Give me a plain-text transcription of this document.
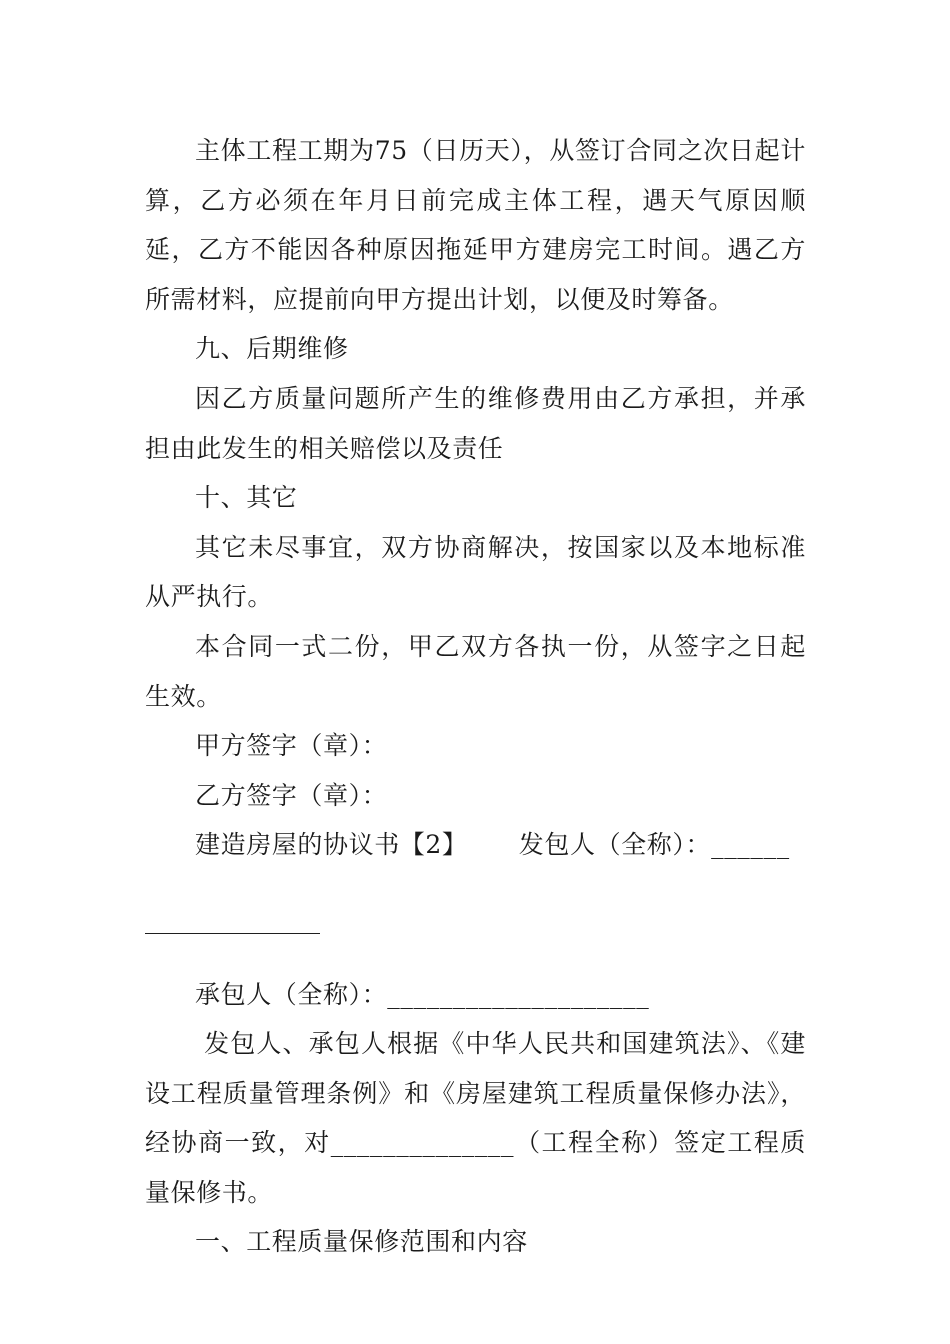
主体工程工期为75（日历天），从签订合同之次日起计算，乙方必须在年月日前完成主体工程，遇天气原因顺延，乙方不能因各种原因拖延甲方建房完工时间。遇乙方所需材料，应提前向甲方提出计划，以便及时筹备。

九、后期维修

因乙方质量问题所产生的维修费用由乙方承担，并承担由此发生的相关赔偿以及责任

十、其它

其它未尽事宜，双方协商解决，按国家以及本地标准从严执行。

本合同一式二份，甲乙双方各执一份，从签字之日起生效。

甲方签字（章）：

乙方签字（章）：

建造房屋的协议书【2】      发包人（全称）：______

______________

承包人（全称）：____________________

发包人、承包人根据《中华人民共和国建筑法》、《建设工程质量管理条例》和《房屋建筑工程质量保修办法》，经协商一致，对______________（工程全称）签定工程质量保修书。

一、工程质量保修范围和内容
